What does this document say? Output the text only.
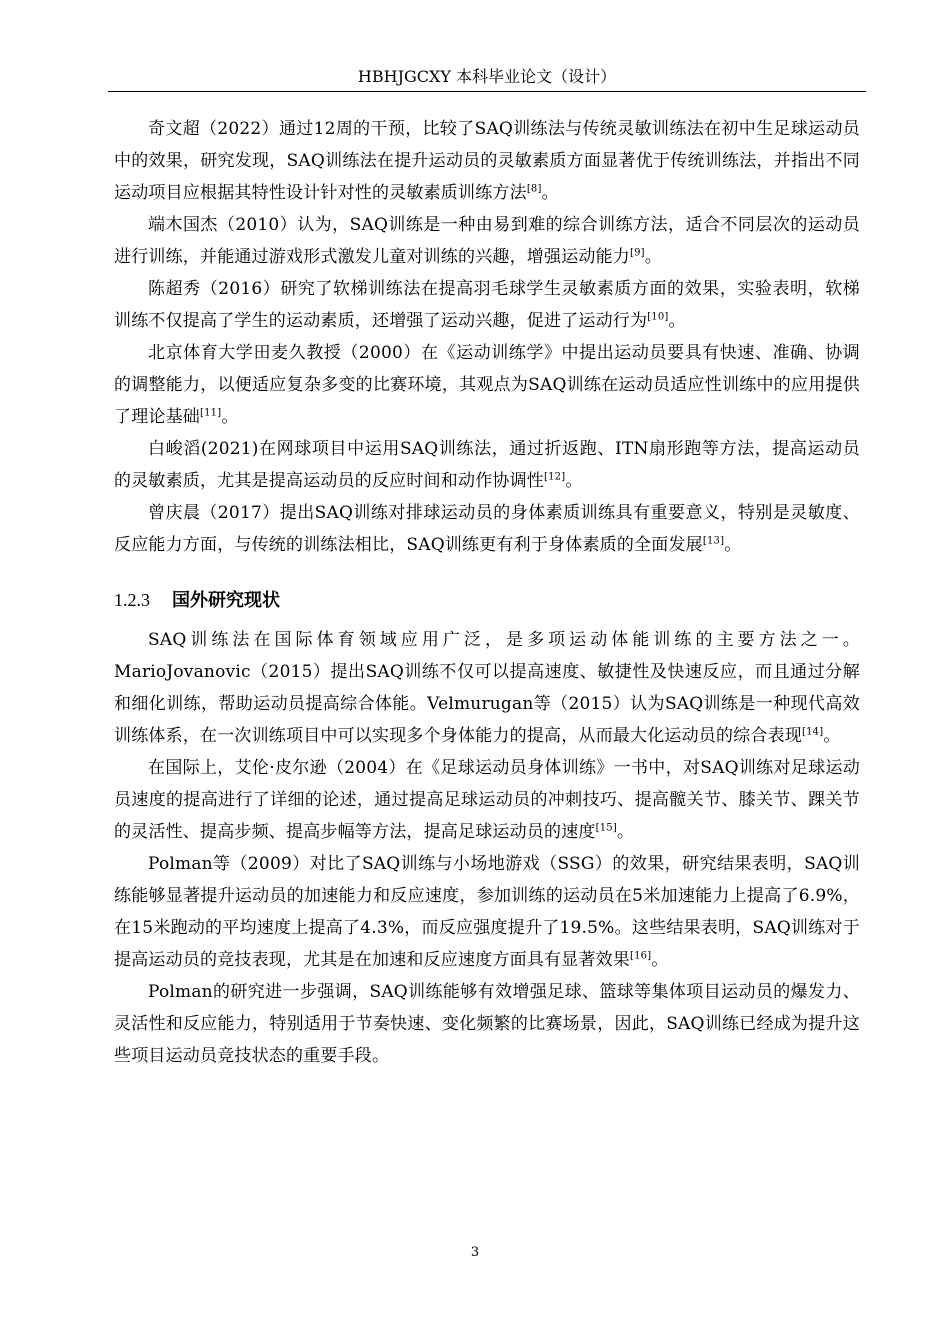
HBHJGCXY 本科毕业论文（设计）

奇文超（2022）通过12周的干预，比较了SAQ训练法与传统灵敏训练法在初中生足球运动员中的效果，研究发现，SAQ训练法在提升运动员的灵敏素质方面显著优于传统训练法，并指出不同运动项目应根据其特性设计针对性的灵敏素质训练方法[8]。

端木国杰（2010）认为，SAQ训练是一种由易到难的综合训练方法，适合不同层次的运动员进行训练，并能通过游戏形式激发儿童对训练的兴趣，增强运动能力[9]。

陈超秀（2016）研究了软梯训练法在提高羽毛球学生灵敏素质方面的效果，实验表明，软梯训练不仅提高了学生的运动素质，还增强了运动兴趣，促进了运动行为[10]。

北京体育大学田麦久教授（2000）在《运动训练学》中提出运动员要具有快速、准确、协调的调整能力，以便适应复杂多变的比赛环境，其观点为SAQ训练在运动员适应性训练中的应用提供了理论基础[11]。

白峻滔(2021)在网球项目中运用SAQ训练法，通过折返跑、ITN扇形跑等方法，提高运动员的灵敏素质，尤其是提高运动员的反应时间和动作协调性[12]。

曾庆晨（2017）提出SAQ训练对排球运动员的身体素质训练具有重要意义，特别是灵敏度、反应能力方面，与传统的训练法相比，SAQ训练更有利于身体素质的全面发展[13]。

1.2.3 国外研究现状

SAQ训练法在国际体育领域应用广泛，是多项运动体能训练的主要方法之一。MarioJovanovic（2015）提出SAQ训练不仅可以提高速度、敏捷性及快速反应，而且通过分解和细化训练，帮助运动员提高综合体能。Velmurugan等（2015）认为SAQ训练是一种现代高效训练体系，在一次训练项目中可以实现多个身体能力的提高，从而最大化运动员的综合表现[14]。

在国际上，艾伦·皮尔逊（2004）在《足球运动员身体训练》一书中，对SAQ训练对足球运动员速度的提高进行了详细的论述，通过提高足球运动员的冲刺技巧、提高髋关节、膝关节、踝关节的灵活性、提高步频、提高步幅等方法，提高足球运动员的速度[15]。

Polman等（2009）对比了SAQ训练与小场地游戏（SSG）的效果，研究结果表明，SAQ训练能够显著提升运动员的加速能力和反应速度，参加训练的运动员在5米加速能力上提高了6.9%，在15米跑动的平均速度上提高了4.3%，而反应强度提升了19.5%。这些结果表明，SAQ训练对于提高运动员的竞技表现，尤其是在加速和反应速度方面具有显著效果[16]。

Polman的研究进一步强调，SAQ训练能够有效增强足球、篮球等集体项目运动员的爆发力、灵活性和反应能力，特别适用于节奏快速、变化频繁的比赛场景，因此，SAQ训练已经成为提升这些项目运动员竞技状态的重要手段。

3
